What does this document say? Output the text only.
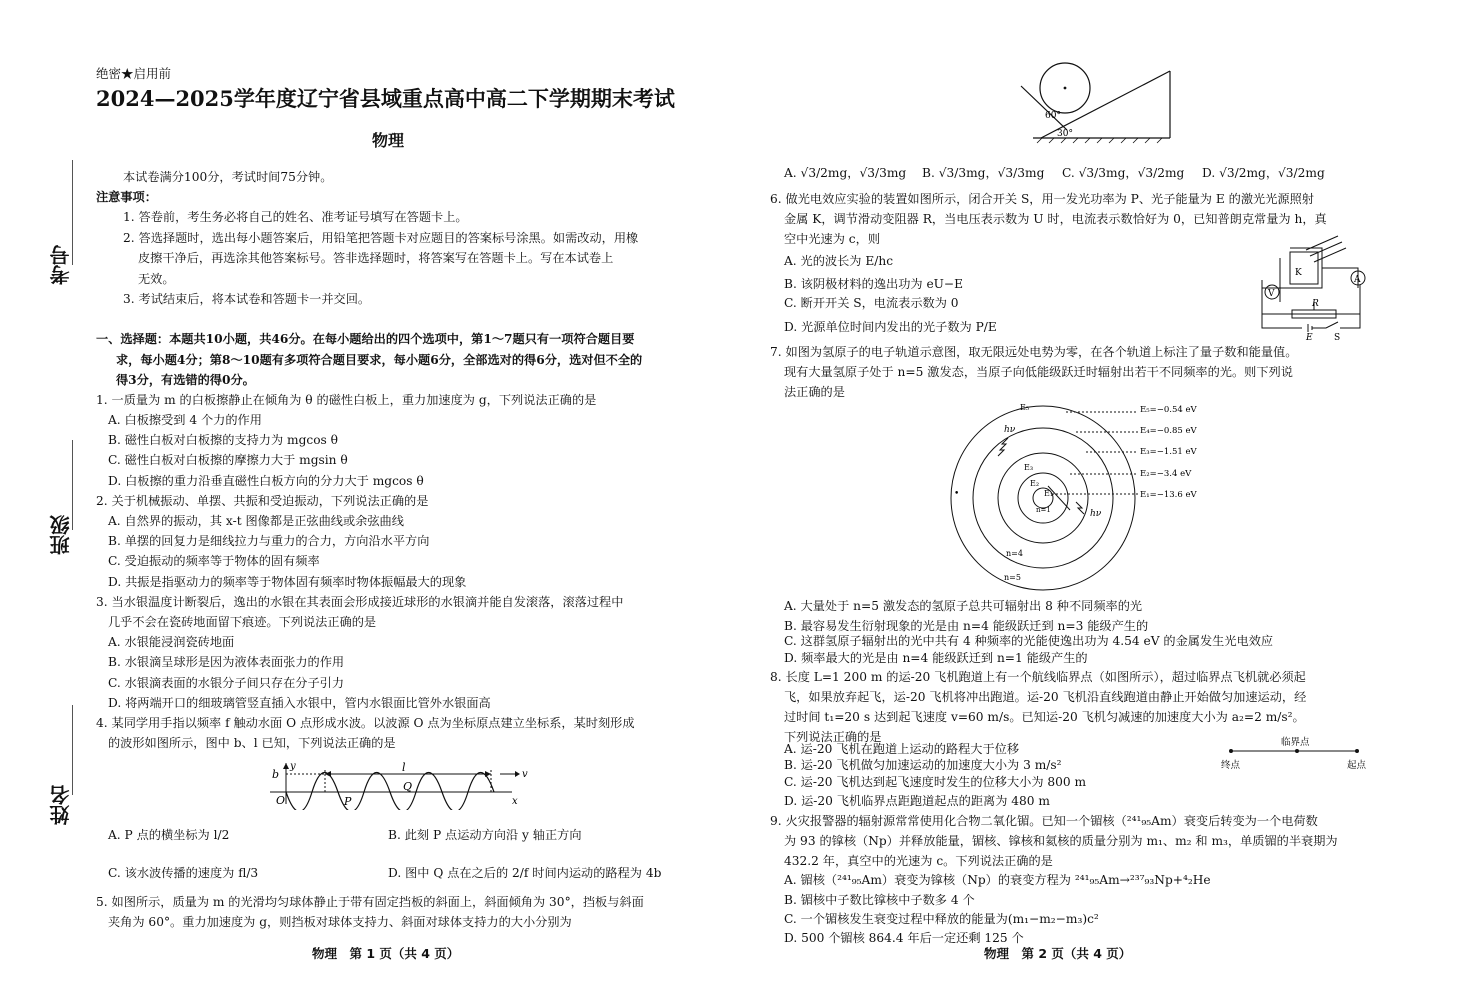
绝密★启用前
2024—2025学年度辽宁省县域重点高中高二下学期期末考试
物理
考号
班级
姓名
本试卷满分100分，考试时间75分钟。
注意事项：
1. 答卷前，考生务必将自己的姓名、准考证号填写在答题卡上。
2. 答选择题时，选出每小题答案后，用铅笔把答题卡对应题目的答案标号涂黑。如需改动，用橡
皮擦干净后，再选涂其他答案标号。答非选择题时，将答案写在答题卡上。写在本试卷上
无效。
3. 考试结束后，将本试卷和答题卡一并交回。
一、选择题：本题共10小题，共46分。在每小题给出的四个选项中，第1～7题只有一项符合题目要
求，每小题4分；第8～10题有多项符合题目要求，每小题6分，全部选对的得6分，选对但不全的
得3分，有选错的得0分。
1. 一质量为 m 的白板擦静止在倾角为 θ 的磁性白板上，重力加速度为 g，下列说法正确的是
A. 白板擦受到 4 个力的作用
B. 磁性白板对白板擦的支持力为 mgcos θ
C. 磁性白板对白板擦的摩擦力大于 mgsin θ
D. 白板擦的重力沿垂直磁性白板方向的分力大于 mgcos θ
2. 关于机械振动、单摆、共振和受迫振动，下列说法正确的是
A. 自然界的振动，其 x-t 图像都是正弦曲线或余弦曲线
B. 单摆的回复力是细线拉力与重力的合力，方向沿水平方向
C. 受迫振动的频率等于物体的固有频率
D. 共振是指驱动力的频率等于物体固有频率时物体振幅最大的现象
3. 当水银温度计断裂后，逸出的水银在其表面会形成接近球形的水银滴并能自发滚落，滚落过程中
几乎不会在瓷砖地面留下痕迹。下列说法正确的是
A. 水银能浸润瓷砖地面
B. 水银滴呈球形是因为液体表面张力的作用
C. 水银滴表面的水银分子间只存在分子引力
D. 将两端开口的细玻璃管竖直插入水银中，管内水银面比管外水银面高
4. 某同学用手指以频率 f 触动水面 O 点形成水波。以波源 O 点为坐标原点建立坐标系，某时刻形成
的波形如图所示，图中 b、l 已知，下列说法正确的是
y
b
l
v
O	P
Q
x
A. P 点的横坐标为 l/2	B. 此刻 P 点运动方向沿 y 轴正方向
C. 该水波传播的速度为 fl/3	D. 图中 Q 点在之后的 2/f 时间内运动的路程为 4b
5. 如图所示，质量为 m 的光滑均匀球体静止于带有固定挡板的斜面上，斜面倾角为 30°，挡板与斜面
夹角为 60°。重力加速度为 g，则挡板对球体支持力、斜面对球体支持力的大小分别为
物理　第 1 页（共 4 页）
60°
30°
A. √3/2mg，√3/3mg B. √3/3mg，√3/3mg C. √3/3mg，√3/2mg D. √3/2mg，√3/2mg
6. 做光电效应实验的装置如图所示，闭合开关 S，用一发光功率为 P、光子能量为 E 的激光光源照射
金属 K，调节滑动变阻器 R，当电压表示数为 U 时，电流表示数恰好为 0，已知普朗克常量为 h，真
空中光速为 c，则
A. 光的波长为 E/hc
B. 该阴极材料的逸出功为 eU−E
C. 断开开关 S，电流表示数为 0
D. 光源单位时间内发出的光子数为 P/E
A
V
K
R
E S
7. 如图为氢原子的电子轨道示意图，取无限远处电势为零，在各个轨道上标注了量子数和能量值。
现有大量氢原子处于 n=5 激发态，当原子向低能级跃迁时辐射出若干不同频率的光。则下列说
法正确的是
•
hν
hν
E₅
E₃
E₂
E₁
n=1
n=4
n=5
E₅=−0.54 eV
E₄=−0.85 eV
E₃=−1.51 eV
E₂=−3.4 eV
E₁=−13.6 eV
A. 大量处于 n=5 激发态的氢原子总共可辐射出 8 种不同频率的光
B. 最容易发生衍射现象的光是由 n=4 能级跃迁到 n=3 能级产生的
C. 这群氢原子辐射出的光中共有 4 种频率的光能使逸出功为 4.54 eV 的金属发生光电效应
D. 频率最大的光是由 n=4 能级跃迁到 n=1 能级产生的
8. 长度 L=1 200 m 的运-20 飞机跑道上有一个航线临界点（如图所示），超过临界点飞机就必须起
飞，如果放弃起飞，运-20 飞机将冲出跑道。运-20 飞机沿直线跑道由静止开始做匀加速运动，经
过时间 t₁=20 s 达到起飞速度 v=60 m/s。已知运-20 飞机匀减速的加速度大小为 a₂=2 m/s²。
下列说法正确的是
A. 运-20 飞机在跑道上运动的路程大于位移
B. 运-20 飞机做匀加速运动的加速度大小为 3 m/s²
C. 运-20 飞机达到起飞速度时发生的位移大小为 800 m
D. 运-20 飞机临界点距跑道起点的距离为 480 m
临界点
终点	起点
9. 火灾报警器的辐射源常常使用化合物二氧化镅。已知一个镅核（²⁴¹₉₅Am）衰变后转变为一个电荷数
为 93 的镎核（Np）并释放能量，镅核、镎核和氦核的质量分别为 m₁、m₂ 和 m₃，单质镅的半衰期为
432.2 年，真空中的光速为 c。下列说法正确的是
A. 镅核（²⁴¹₉₅Am）衰变为镎核（Np）的衰变方程为 ²⁴¹₉₅Am→²³⁷₉₃Np+⁴₂He
B. 镅核中子数比镎核中子数多 4 个
C. 一个镅核发生衰变过程中释放的能量为(m₁−m₂−m₃)c²
D. 500 个镅核 864.4 年后一定还剩 125 个
物理　第 2 页（共 4 页）
